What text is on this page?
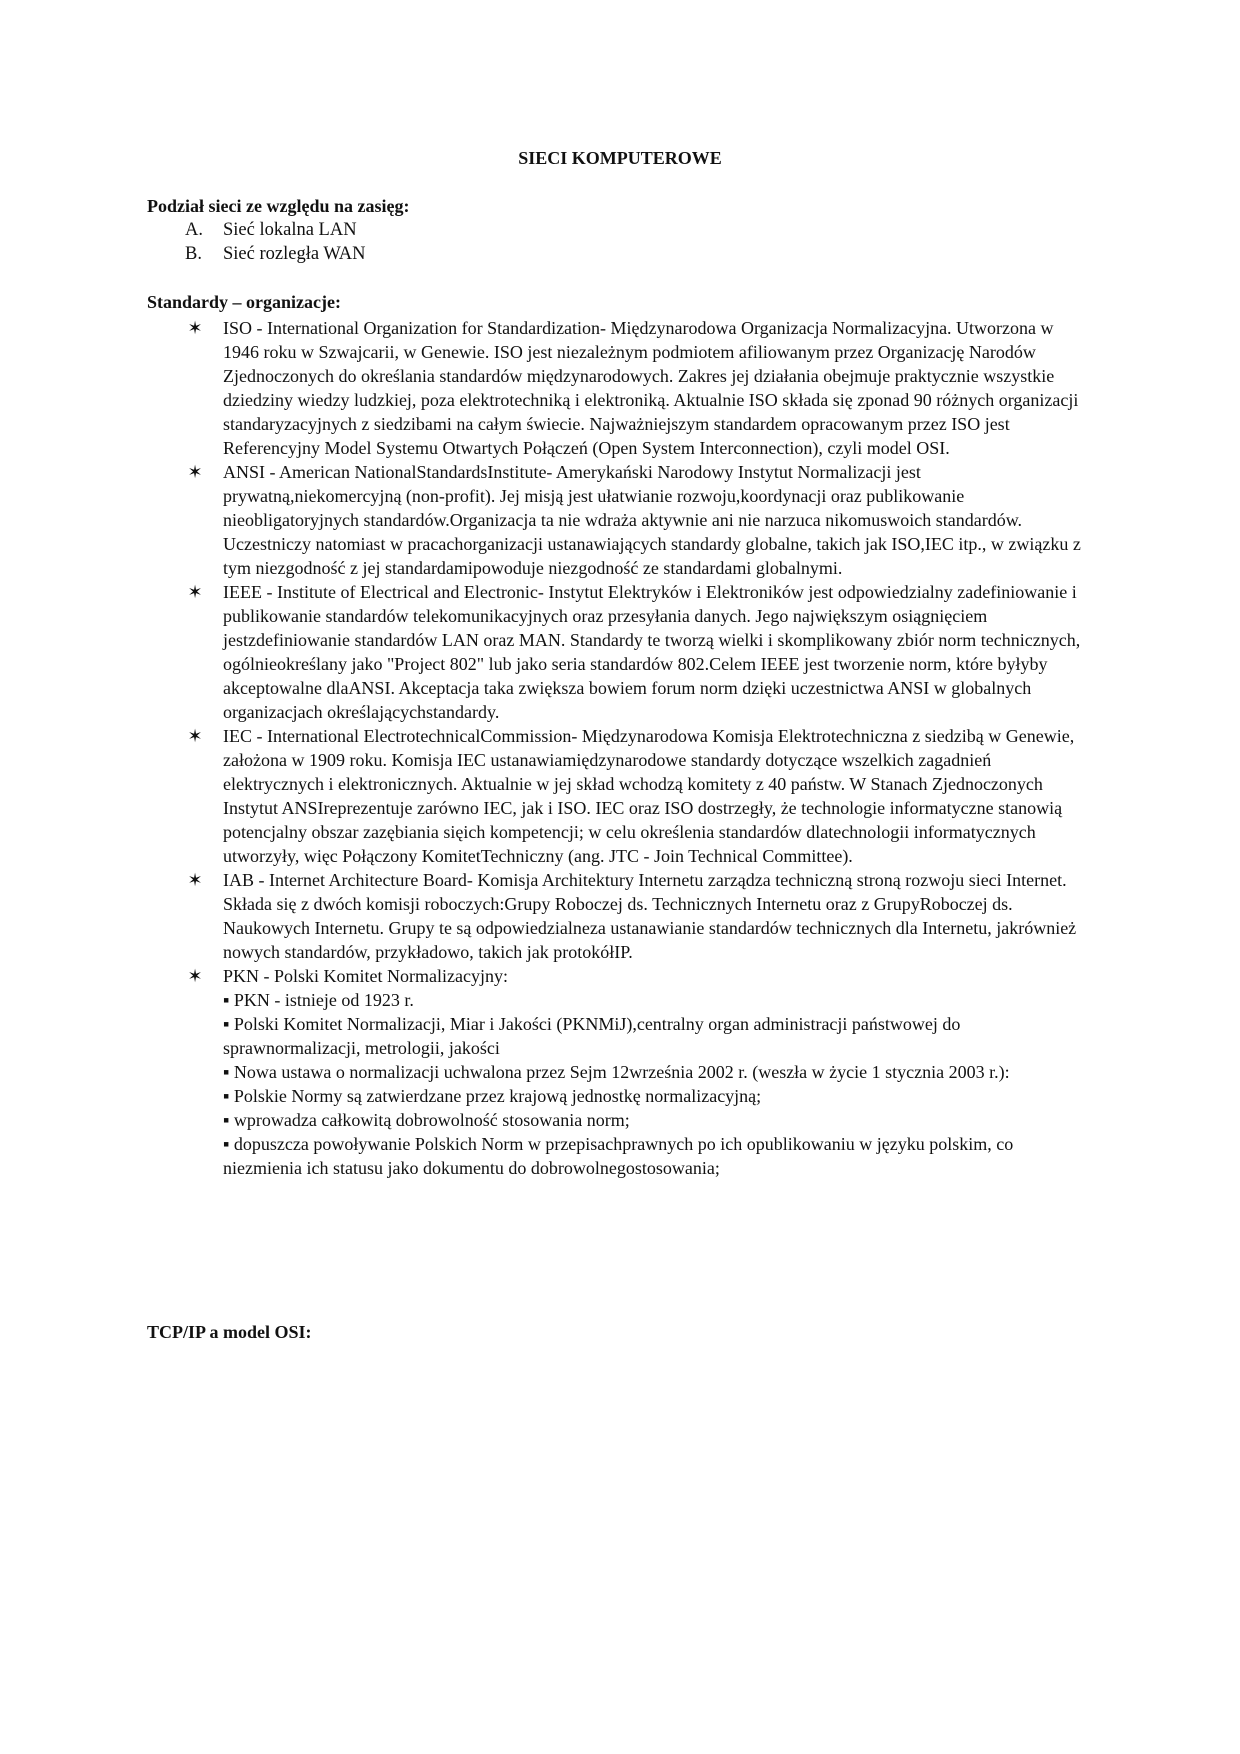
SIECI KOMPUTEROWE
Podział sieci ze względu na zasięg:
A.	Sieć lokalna LAN
B.	Sieć rozległa WAN
Standardy – organizacje:
✶ ISO - International Organization for Standardization- Międzynarodowa Organizacja Normalizacyjna. Utworzona w 1946 roku w Szwajcarii, w Genewie. ISO jest niezależnym podmiotem afiliowanym przez Organizację Narodów Zjednoczonych do określania standardów międzynarodowych. Zakres jej działania obejmuje praktycznie wszystkie dziedziny wiedzy ludzkiej, poza elektrotechniką i elektroniką. Aktualnie ISO składa się zponad 90 różnych organizacji standaryzacyjnych z siedzibami na całym świecie. Najważniejszym standardem opracowanym przez ISO jest Referencyjny Model Systemu Otwartych Połączeń (Open System Interconnection), czyli model OSI.

✶ ANSI - American NationalStandardsInstitute- Amerykański Narodowy Instytut Normalizacji jest prywatną,niekomercyjną (non-profit). Jej misją jest ułatwianie rozwoju,koordynacji oraz publikowanie nieobligatoryjnych standardów.Organizacja ta nie wdraża aktywnie ani nie narzuca nikomuswoich standardów. Uczestniczy natomiast w pracachorganizacji ustanawiających standardy globalne, takich jak ISO,IEC itp., w związku z tym niezgodność z jej standardamipowoduje niezgodność ze standardami globalnymi.

✶ IEEE - Institute of Electrical and Electronic- Instytut Elektryków i Elektroników jest odpowiedzialny zadefiniowanie i publikowanie standardów telekomunikacyjnych oraz przesyłania danych. Jego największym osiągnięciem jestzdefiniowanie standardów LAN oraz MAN. Standardy te tworzą wielki i skomplikowany zbiór norm technicznych, ogólnieokreślany jako "Project 802" lub jako seria standardów 802.Celem IEEE jest tworzenie norm, które byłyby akceptowalne dlaANSI. Akceptacja taka zwiększa bowiem forum norm dzięki uczestnictwa ANSI w globalnych organizacjach określającychstandardy.

✶ IEC - International ElectrotechnicalCommission- Międzynarodowa Komisja Elektrotechniczna z siedzibą w Genewie, założona w 1909 roku. Komisja IEC ustanawiamiędzynarodowe standardy dotyczące wszelkich zagadnień elektrycznych i elektronicznych. Aktualnie w jej skład wchodzą komitety z 40 państw. W Stanach Zjednoczonych Instytut ANSIreprezentuje zarówno IEC, jak i ISO. IEC oraz ISO dostrzegły, że technologie informatyczne stanowią potencjalny obszar zazębiania sięich kompetencji; w celu określenia standardów dlatechnologii informatycznych utworzyły, więc Połączony KomitetTechniczny (ang. JTC - Join Technical Committee).

✶ IAB - Internet Architecture Board- Komisja Architektury Internetu zarządza techniczną stroną rozwoju sieci Internet. Składa się z dwóch komisji roboczych:Grupy Roboczej ds. Technicznych Internetu oraz z GrupyRoboczej ds. Naukowych Internetu. Grupy te są odpowiedzialneza ustanawianie standardów technicznych dla Internetu, jakrównież nowych standardów, przykładowo, takich jak protokółIP.

✶ PKN - Polski Komitet Normalizacyjny:

▪ PKN - istnieje od 1923 r.

▪ Polski Komitet Normalizacji, Miar i Jakości (PKNMiJ),centralny organ administracji państwowej do sprawnormalizacji, metrologii, jakości

▪ Nowa ustawa o normalizacji uchwalona przez Sejm 12września 2002 r. (weszła w życie 1 stycznia 2003 r.):

▪ Polskie Normy są zatwierdzane przez krajową jednostkę normalizacyjną;

▪ wprowadza całkowitą dobrowolność stosowania norm;

▪ dopuszcza powoływanie Polskich Norm w przepisachprawnych po ich opublikowaniu w języku polskim, co niezmienia ich statusu jako dokumentu do dobrowolnegostosowania;

TCP/IP a model OSI:
